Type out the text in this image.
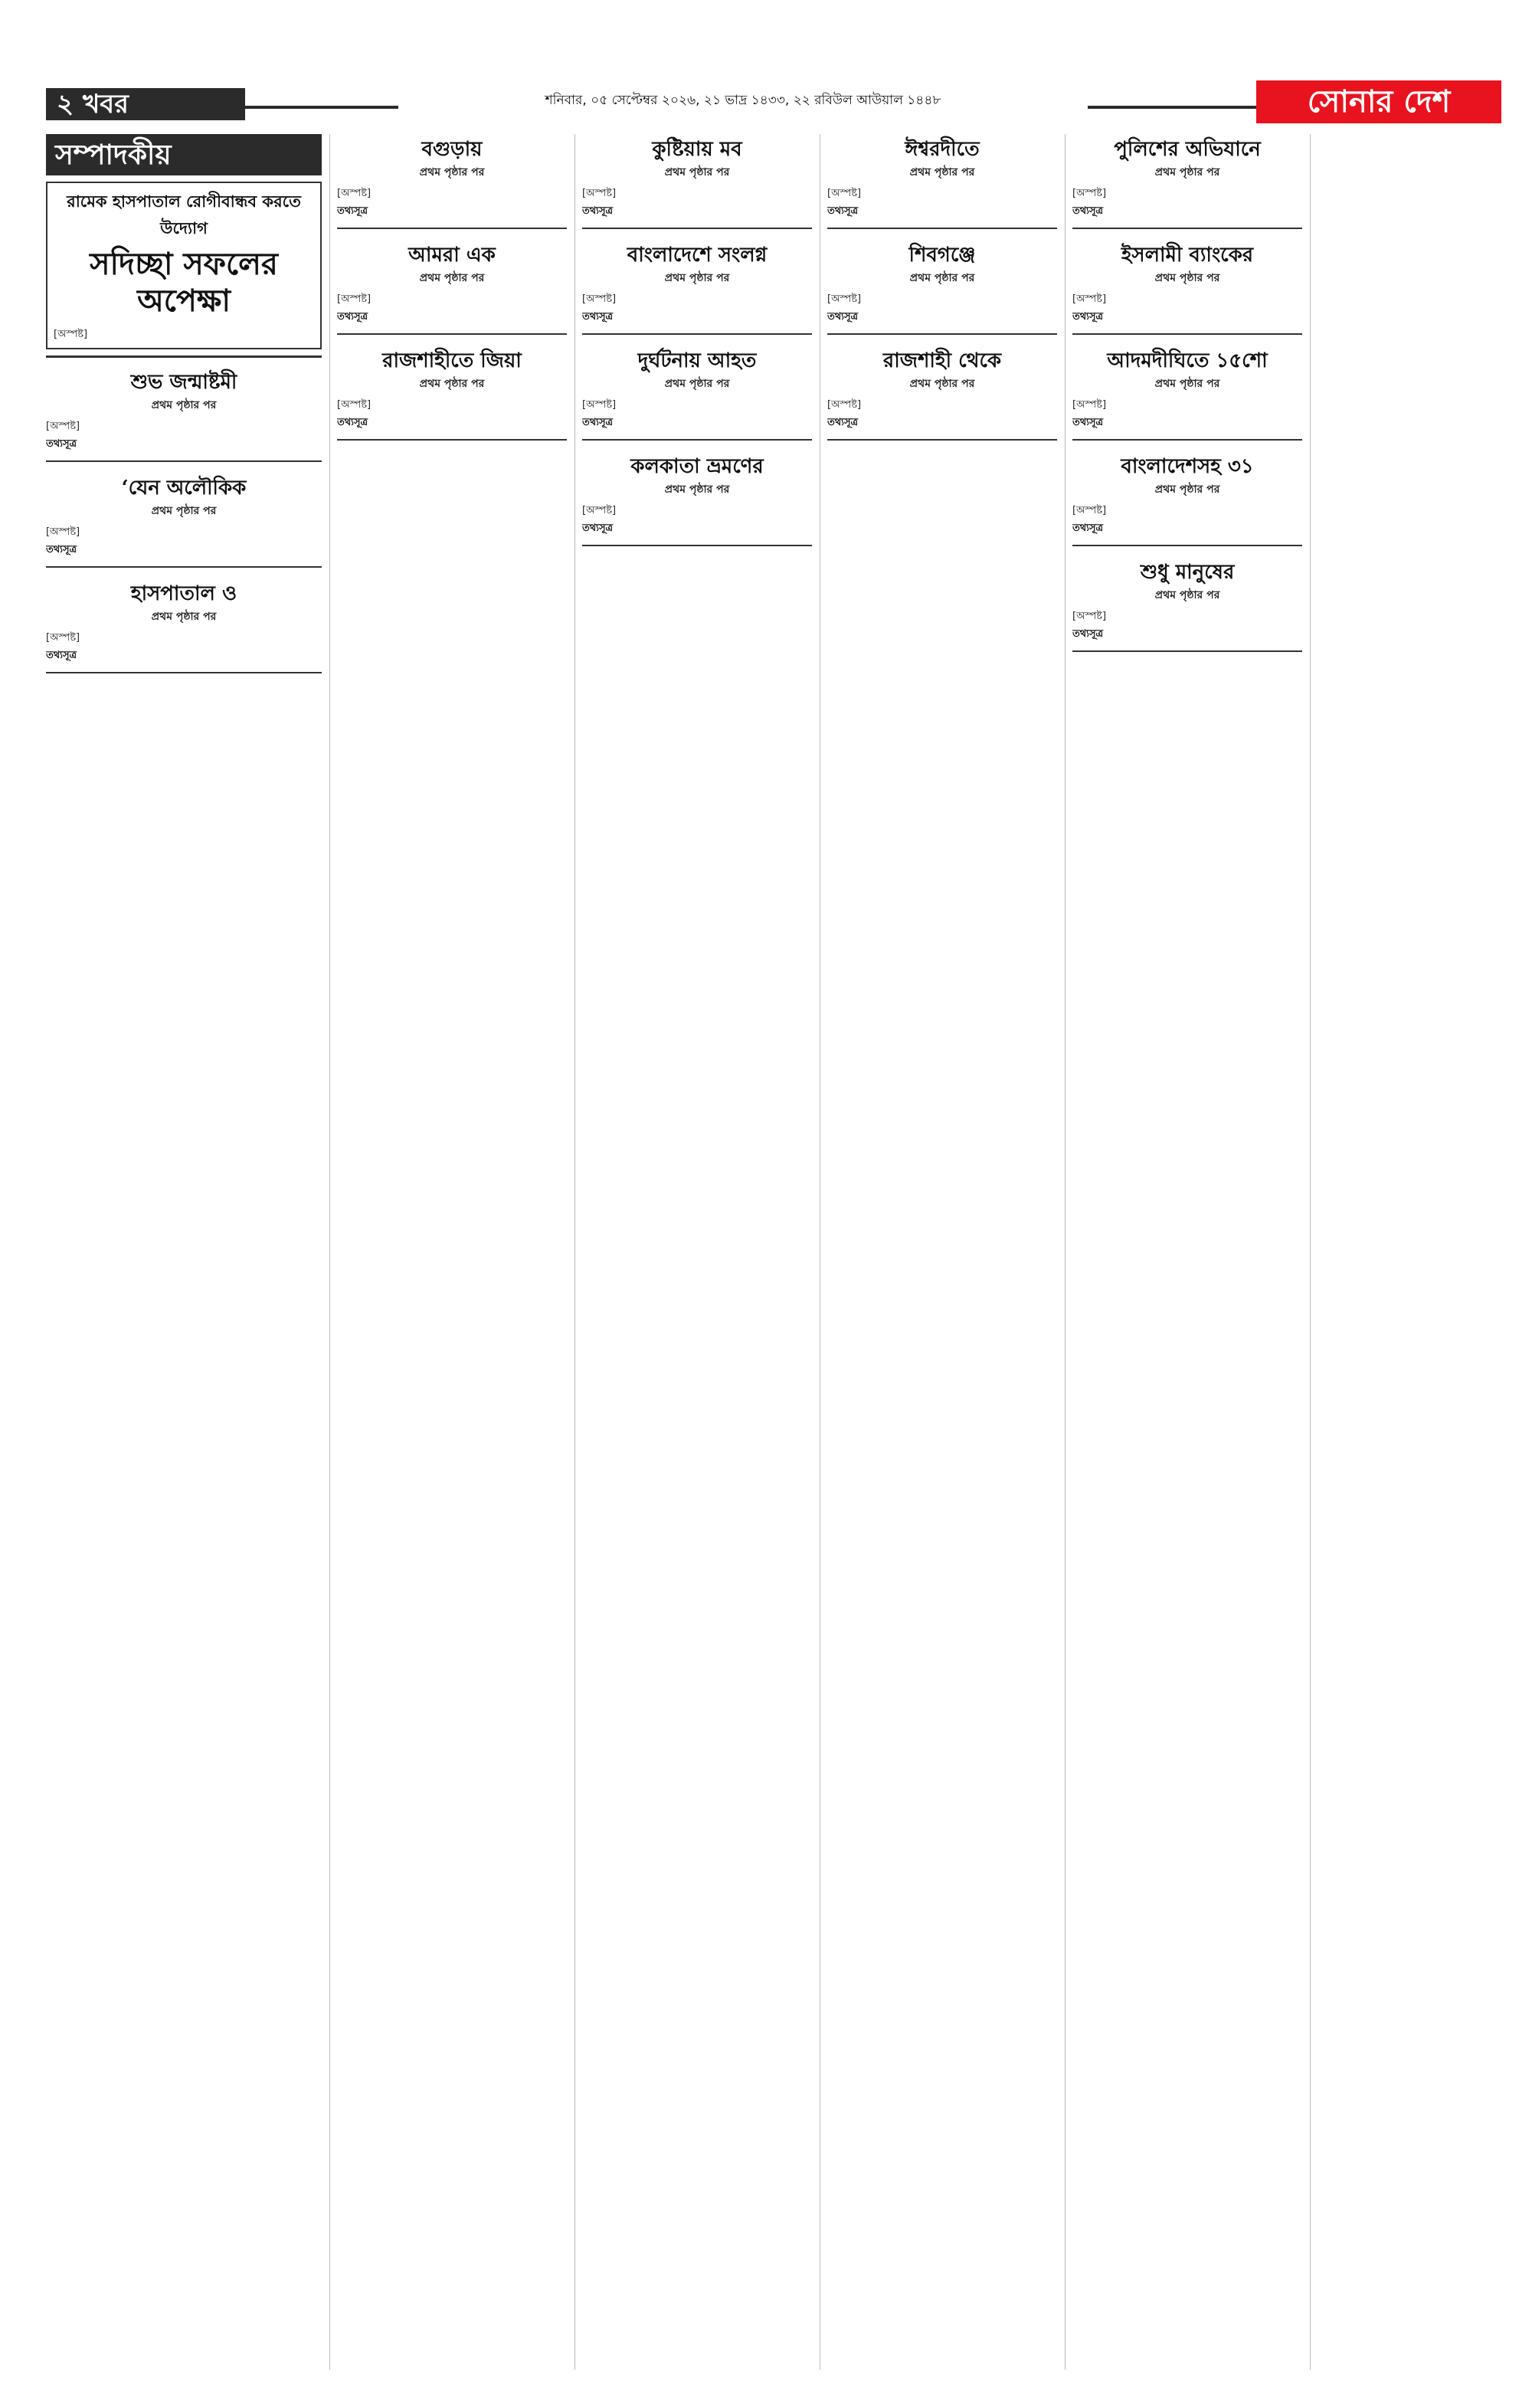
২ খবর	শনিবার, ০৫ সেপ্টেম্বর ২০২৬, ২১ ভাদ্র ১৪৩৩, ২২ রবিউল আউয়াল ১৪৪৮	সোনার দেশ
সম্পাদকীয়
রামেক হাসপাতাল রোগীবান্ধব করতে উদ্যোগ
সদিচ্ছা সফলের অপেক্ষা
[অস্পষ্ট]
শুভ জন্মাষ্টমী
প্রথম পৃষ্ঠার পর
[অস্পষ্ট]
তথ্যসূত্র
‘যেন অলৌকিক
প্রথম পৃষ্ঠার পর
[অস্পষ্ট]
তথ্যসূত্র
হাসপাতাল ও
প্রথম পৃষ্ঠার পর
[অস্পষ্ট]
তথ্যসূত্র
বগুড়ায়
প্রথম পৃষ্ঠার পর
[অস্পষ্ট]
তথ্যসূত্র
আমরা এক
প্রথম পৃষ্ঠার পর
[অস্পষ্ট]
তথ্যসূত্র
রাজশাহীতে জিয়া
প্রথম পৃষ্ঠার পর
[অস্পষ্ট]
তথ্যসূত্র
কুষ্টিয়ায় মব
প্রথম পৃষ্ঠার পর
[অস্পষ্ট]
তথ্যসূত্র
বাংলাদেশে সংলগ্ন
প্রথম পৃষ্ঠার পর
[অস্পষ্ট]
তথ্যসূত্র
দুর্ঘটনায় আহত
প্রথম পৃষ্ঠার পর
[অস্পষ্ট]
তথ্যসূত্র
কলকাতা ভ্রমণের
প্রথম পৃষ্ঠার পর
[অস্পষ্ট]
তথ্যসূত্র
ঈশ্বরদীতে
প্রথম পৃষ্ঠার পর
[অস্পষ্ট]
তথ্যসূত্র
শিবগঞ্জে
প্রথম পৃষ্ঠার পর
[অস্পষ্ট]
তথ্যসূত্র
রাজশাহী থেকে
প্রথম পৃষ্ঠার পর
[অস্পষ্ট]
তথ্যসূত্র
পুলিশের অভিযানে
প্রথম পৃষ্ঠার পর
[অস্পষ্ট]
তথ্যসূত্র
ইসলামী ব্যাংকের
প্রথম পৃষ্ঠার পর
[অস্পষ্ট]
তথ্যসূত্র
আদমদীঘিতে ১৫শো
প্রথম পৃষ্ঠার পর
[অস্পষ্ট]
তথ্যসূত্র
বাংলাদেশসহ ৩১
প্রথম পৃষ্ঠার পর
[অস্পষ্ট]
তথ্যসূত্র
শুধু মানুষের
প্রথম পৃষ্ঠার পর
[অস্পষ্ট]
তথ্যসূত্র
